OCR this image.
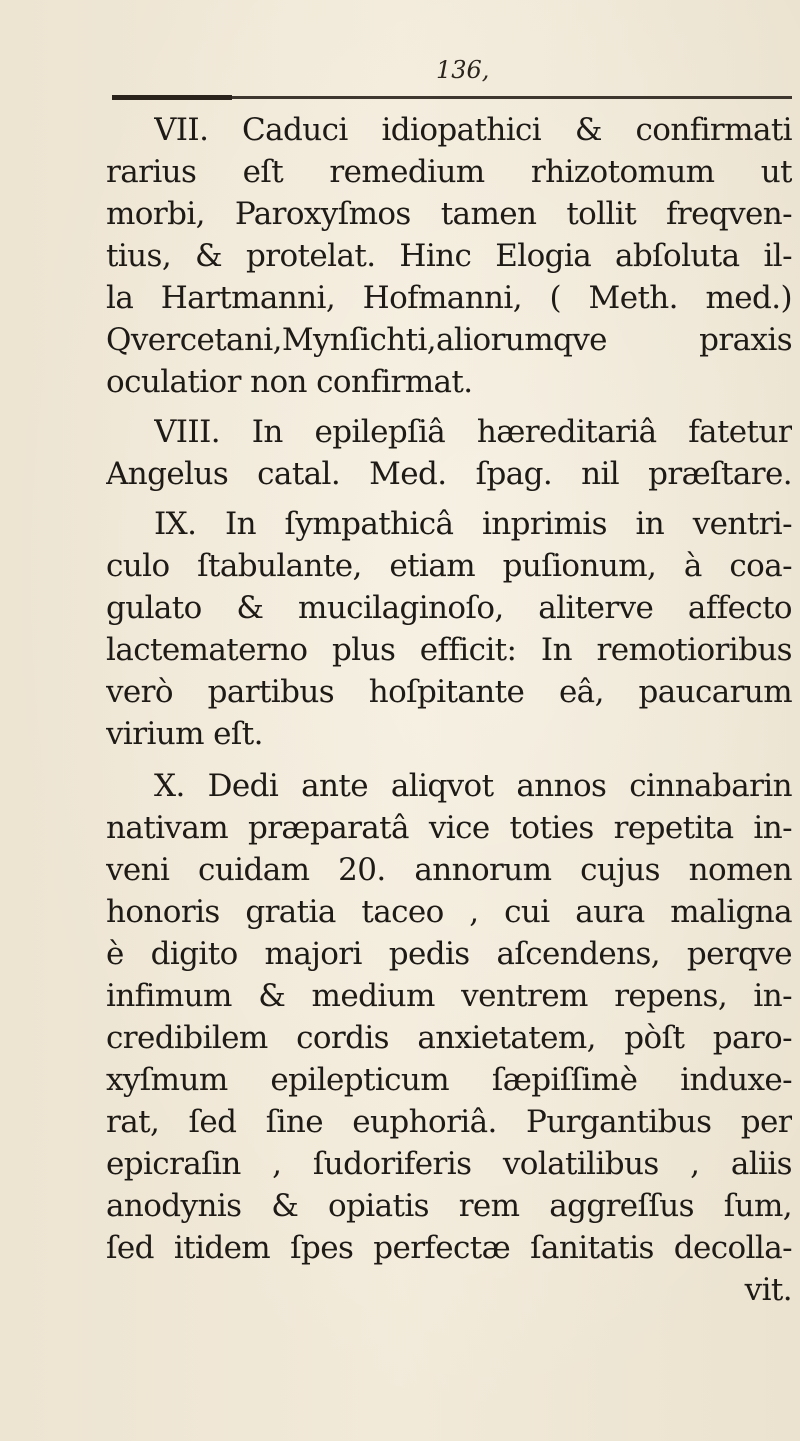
136,
VII. Caduci idiopathici & confirmati
rarius eſt remedium rhizotomum ut
morbi, Paroxyſmos tamen tollit freqven-
tius, & protelat. Hinc Elogia abſoluta il-
la Hartmanni, Hofmanni, ( Meth. med.)
Qvercetani,Mynſichti,aliorumqve praxis
oculatior non confirmat.
VIII. In epilepſiâ hæreditariâ fatetur
Angelus catal. Med. ſpag. nil præſtare.
IX. In ſympathicâ inprimis in ventri-
culo ſtabulante, etiam puſionum, à coa-
gulato & mucilaginoſo, aliterve affecto
lactematerno plus efficit: In remotioribus
verò partibus hoſpitante eâ, paucarum
virium eſt.
X. Dedi ante aliqvot annos cinnabarin
nativam præparatâ vice toties repetita in-
veni cuidam 20. annorum cujus nomen
honoris gratia taceo , cui aura maligna
è digito majori pedis aſcendens, perqve
infimum & medium ventrem repens, in-
credibilem cordis anxietatem, pòſt paro-
xyſmum epilepticum ſæpiſſimè induxe-
rat, ſed ſine euphoriâ. Purgantibus per
epicraſin , ſudoriferis volatilibus , aliis
anodynis & opiatis rem aggreſſus ſum,
ſed itidem ſpes perfectæ ſanitatis decolla-
vit.
